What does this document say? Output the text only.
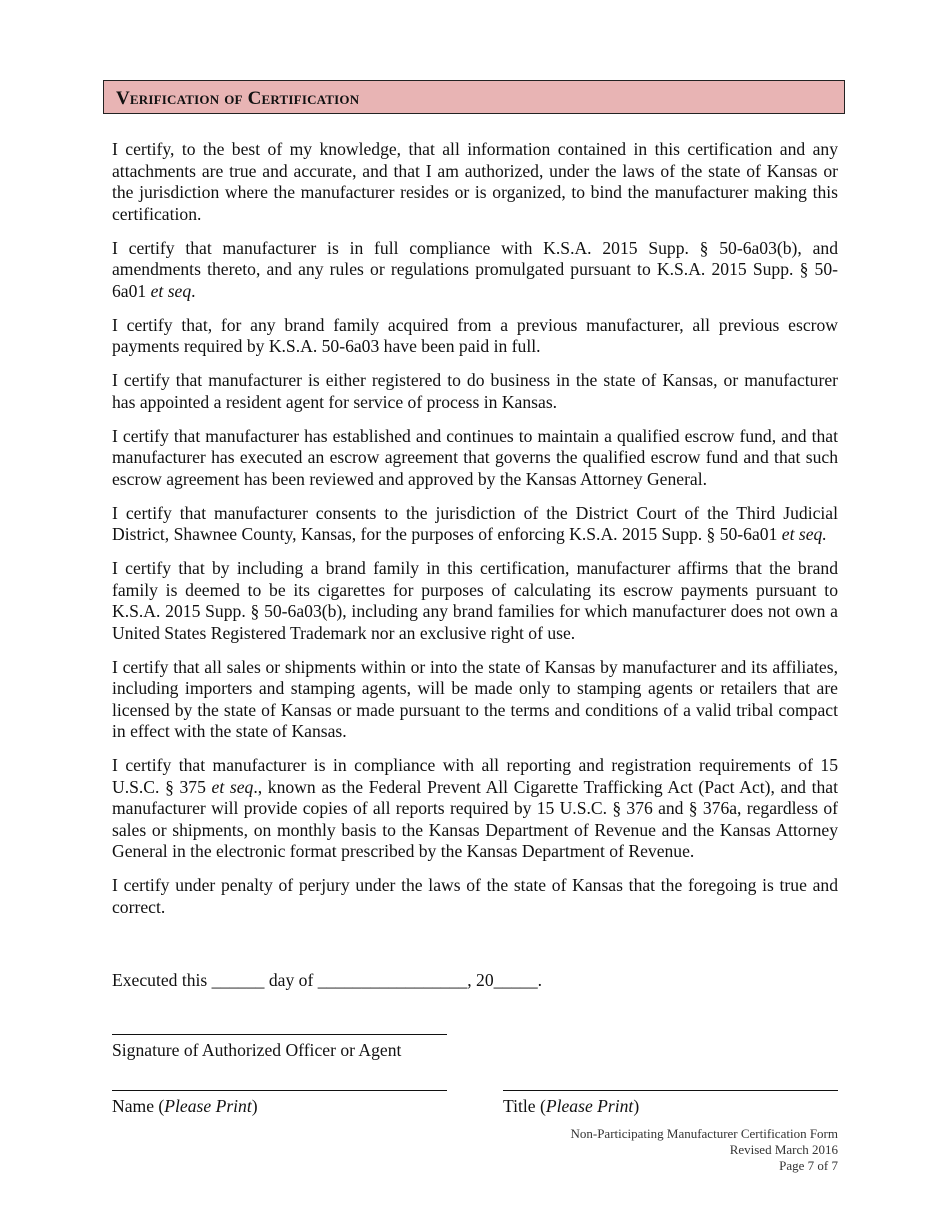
Verification of Certification

I certify, to the best of my knowledge, that all information contained in this certification and any attachments are true and accurate, and that I am authorized, under the laws of the state of Kansas or the jurisdiction where the manufacturer resides or is organized, to bind the manufacturer making this certification.

I certify that manufacturer is in full compliance with K.S.A. 2015 Supp. § 50-6a03(b), and amendments thereto, and any rules or regulations promulgated pursuant to K.S.A. 2015 Supp. § 50-6a01 et seq.

I certify that, for any brand family acquired from a previous manufacturer, all previous escrow payments required by K.S.A. 50-6a03 have been paid in full.

I certify that manufacturer is either registered to do business in the state of Kansas, or manufacturer has appointed a resident agent for service of process in Kansas.

I certify that manufacturer has established and continues to maintain a qualified escrow fund, and that manufacturer has executed an escrow agreement that governs the qualified escrow fund and that such escrow agreement has been reviewed and approved by the Kansas Attorney General.

I certify that manufacturer consents to the jurisdiction of the District Court of the Third Judicial District, Shawnee County, Kansas, for the purposes of enforcing K.S.A. 2015 Supp. § 50-6a01 et seq.

I certify that by including a brand family in this certification, manufacturer affirms that the brand family is deemed to be its cigarettes for purposes of calculating its escrow payments pursuant to K.S.A. 2015 Supp. § 50-6a03(b), including any brand families for which manufacturer does not own a United States Registered Trademark nor an exclusive right of use.

I certify that all sales or shipments within or into the state of Kansas by manufacturer and its affiliates, including importers and stamping agents, will be made only to stamping agents or retailers that are licensed by the state of Kansas or made pursuant to the terms and conditions of a valid tribal compact in effect with the state of Kansas.

I certify that manufacturer is in compliance with all reporting and registration requirements of 15 U.S.C. § 375 et seq., known as the Federal Prevent All Cigarette Trafficking Act (Pact Act), and that manufacturer will provide copies of all reports required by 15 U.S.C. § 376 and § 376a, regardless of sales or shipments, on monthly basis to the Kansas Department of Revenue and the Kansas Attorney General in the electronic format prescribed by the Kansas Department of Revenue.

I certify under penalty of perjury under the laws of the state of Kansas that the foregoing is true and correct.

Executed this ______ day of _________________, 20_____.
Signature of Authorized Officer or Agent
Name (Please Print)	Title (Please Print)
Non-Participating Manufacturer Certification Form
Revised March 2016
Page 7 of 7
